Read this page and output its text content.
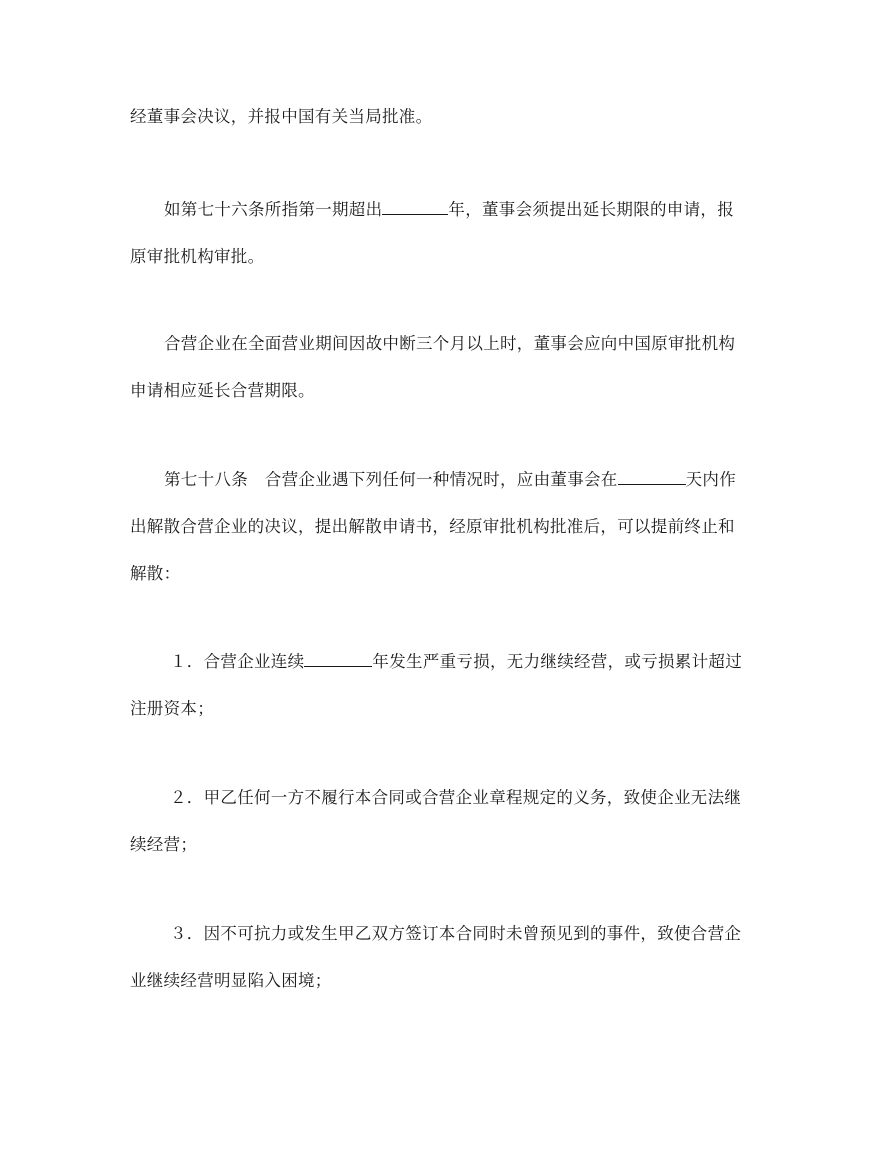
经董事会决议，并报中国有关当局批准。

如第七十六条所指第一期超出	年，董事会须提出延长期限的申请，报
原审批机构审批。

合营企业在全面营业期间因故中断三个月以上时，董事会应向中国原审批机构
申请相应延长合营期限。

第七十八条　合营企业遇下列任何一种情况时，应由董事会在	天内作
出解散合营企业的决议，提出解散申请书，经原审批机构批准后，可以提前终止和
解散：

１．合营企业连续	年发生严重亏损，无力继续经营，或亏损累计超过
注册资本；

２．甲乙任何一方不履行本合同或合营企业章程规定的义务，致使企业无法继
续经营；

３．因不可抗力或发生甲乙双方签订本合同时未曾预见到的事件，致使合营企
业继续经营明显陷入困境；
